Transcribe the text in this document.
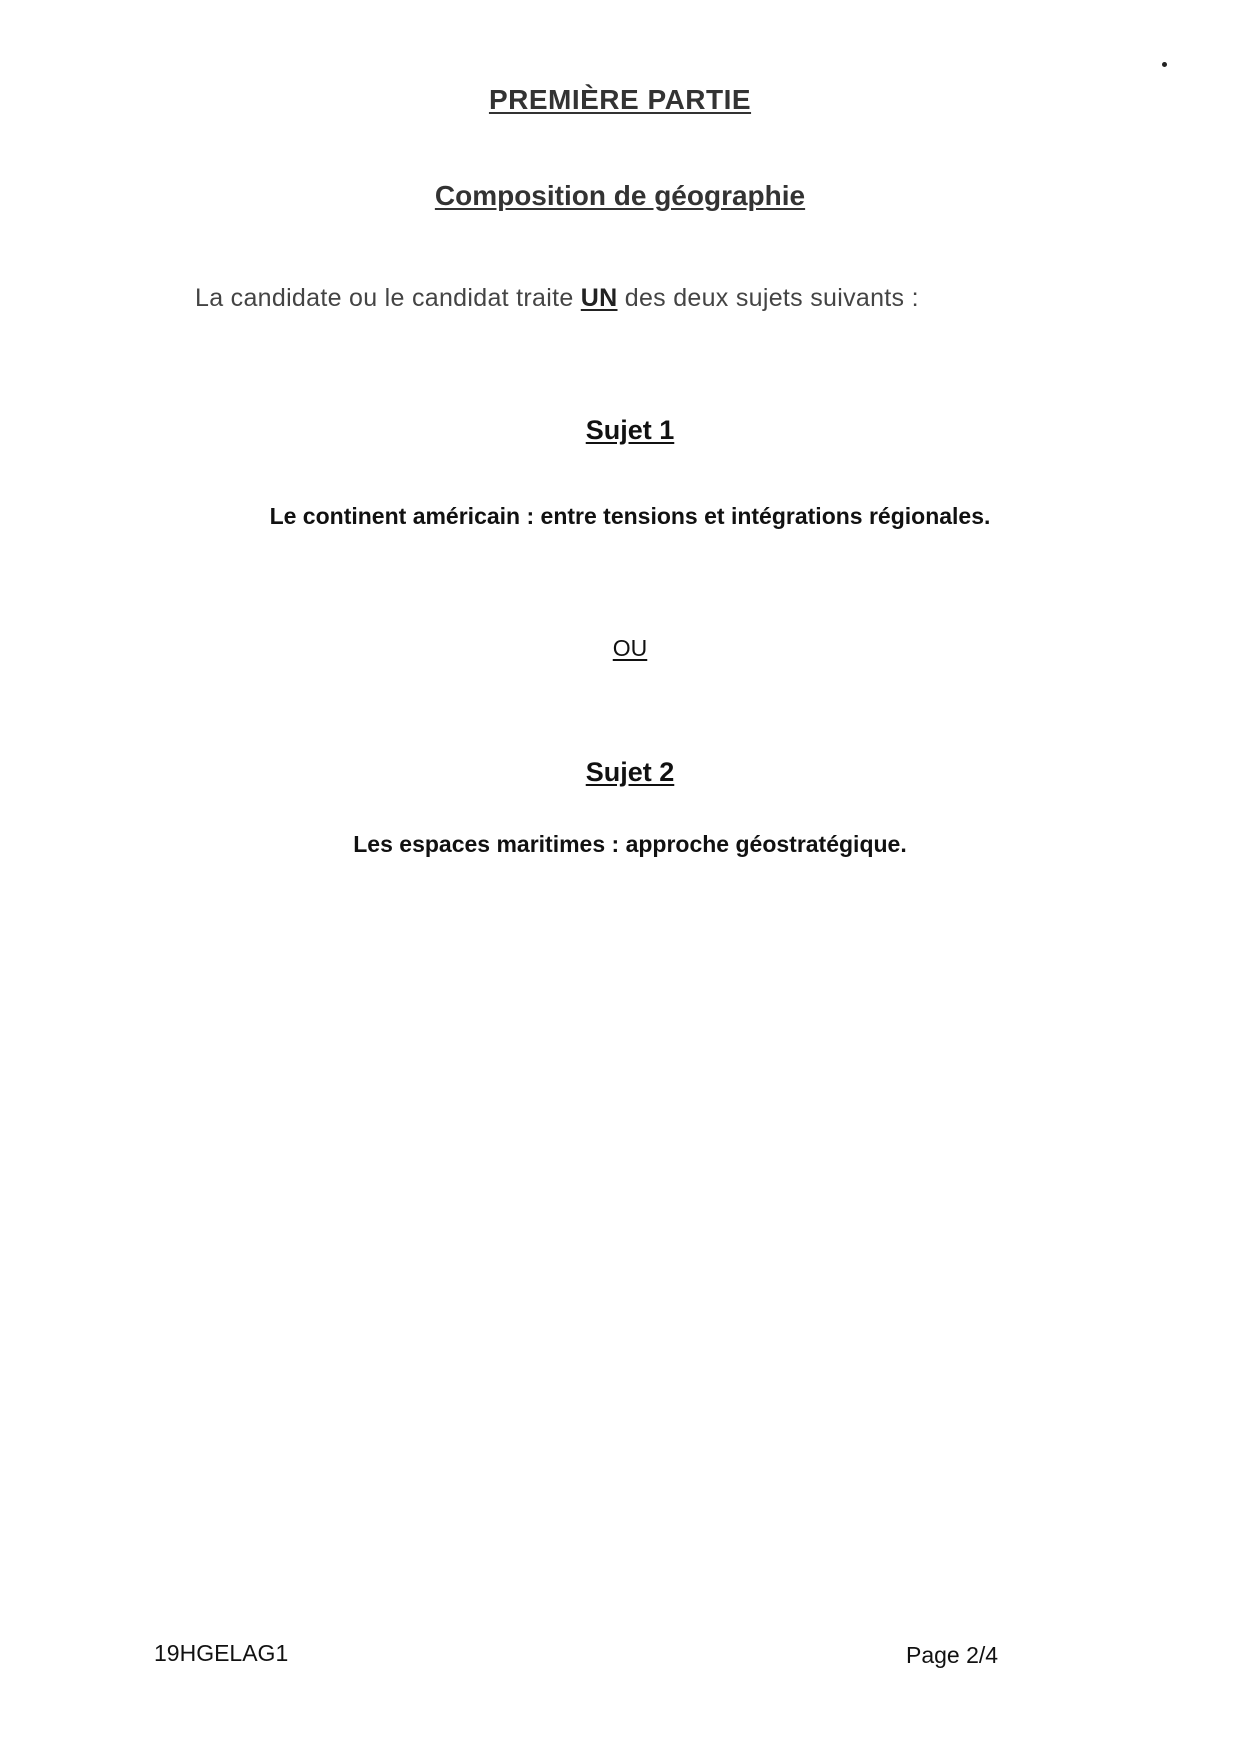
PREMIÈRE PARTIE
Composition de géographie
La candidate ou le candidat traite UN des deux sujets suivants :
Sujet 1
Le continent américain : entre tensions et intégrations régionales.
OU
Sujet 2
Les espaces maritimes : approche géostratégique.
19HGELAG1	Page 2/4
